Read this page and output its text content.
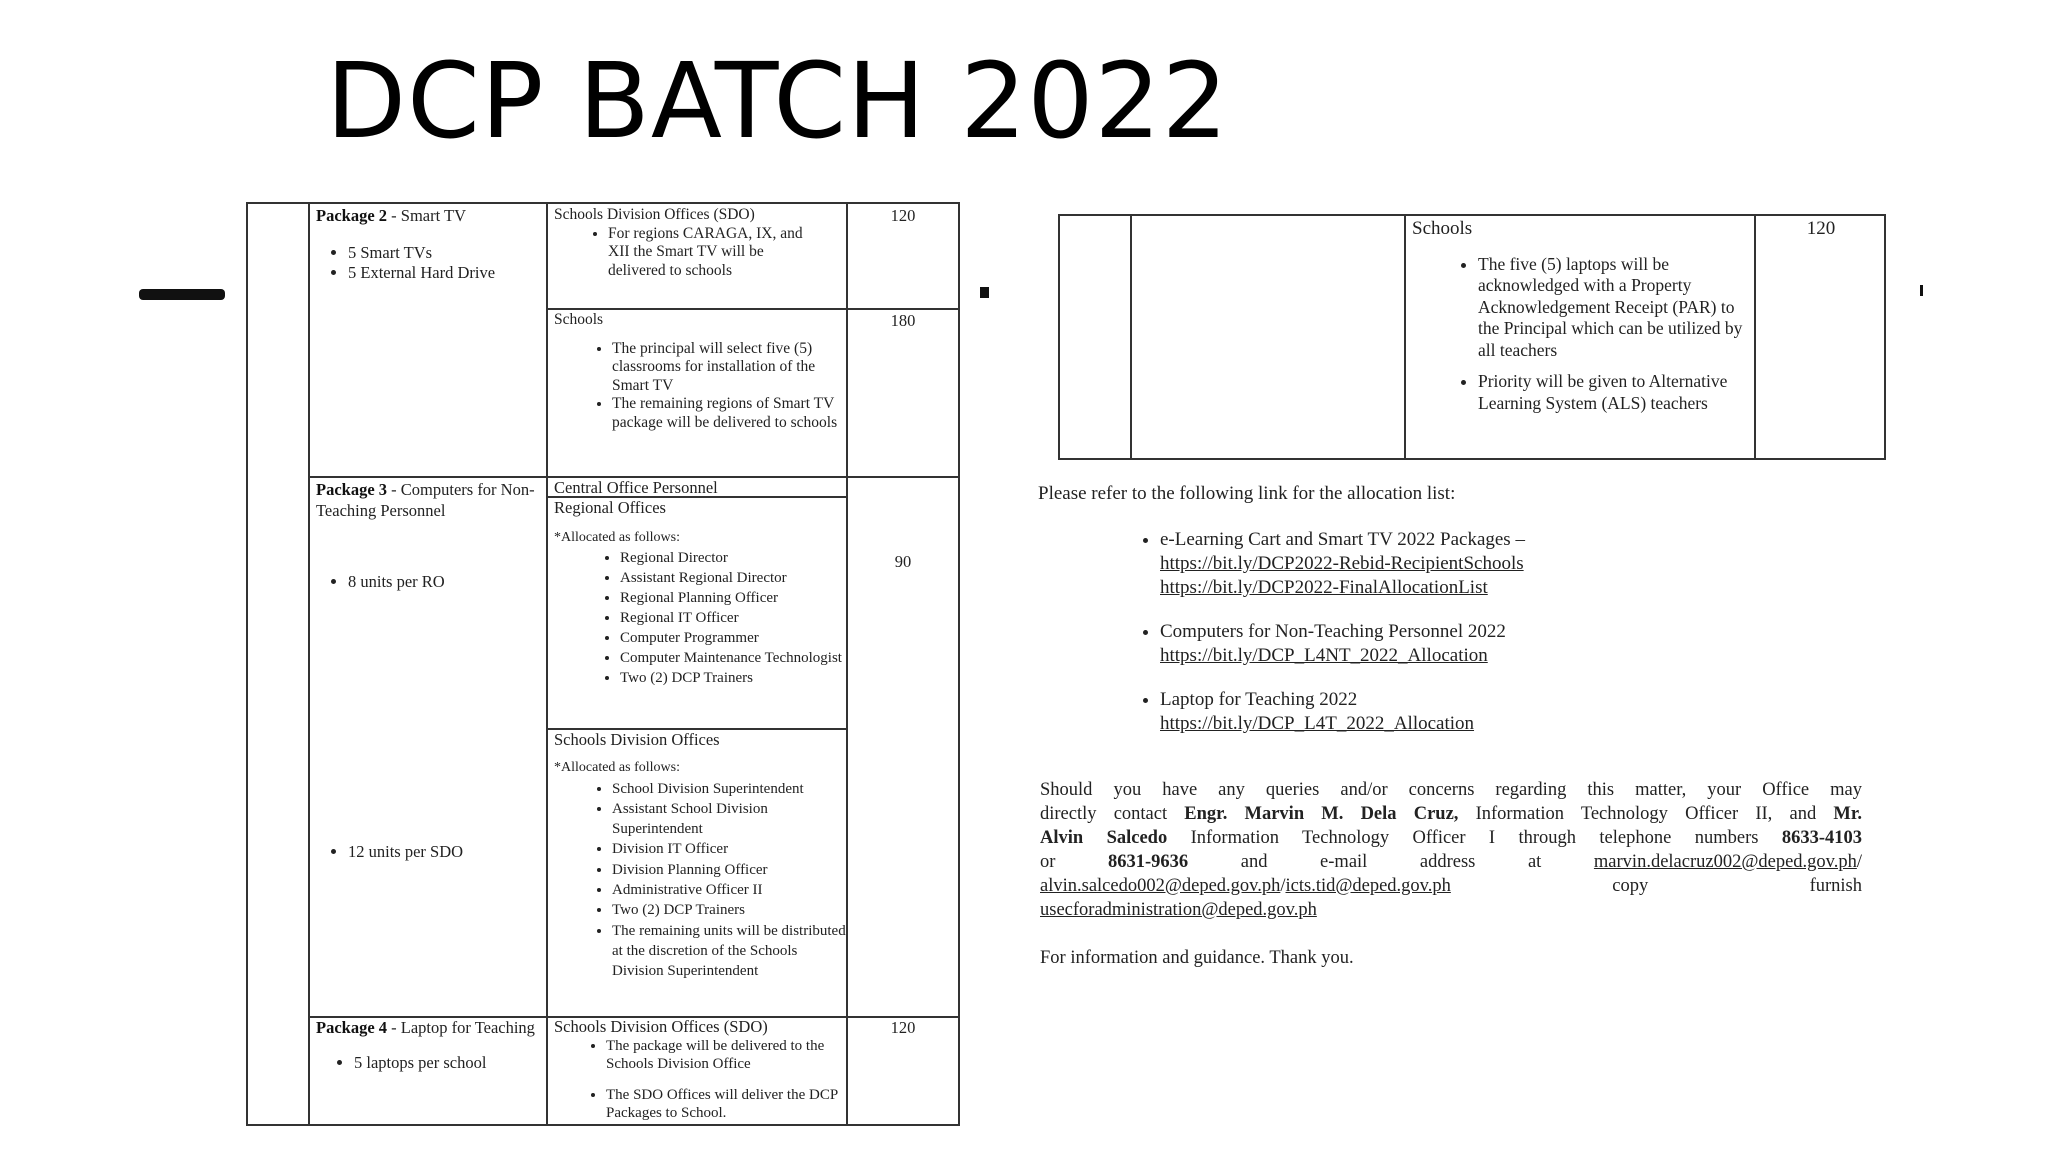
DCP BATCH 2022
Package 2 - Smart TV
• 5 Smart TVs
• 5 External Hard Drive
Schools Division Offices (SDO)
• For regions CARAGA, IX, and XII the Smart TV will be delivered to schools
120
Schools
• The principal will select five (5) classrooms for installation of the Smart TV
• The remaining regions of Smart TV package will be delivered to schools
180
Package 3 - Computers for Non-Teaching Personnel
• 8 units per RO
• 12 units per SDO
Central Office Personnel
Regional Offices
*Allocated as follows:
• Regional Director
• Assistant Regional Director
• Regional Planning Officer
• Regional IT Officer
• Computer Programmer
• Computer Maintenance Technologist
• Two (2) DCP Trainers
90
Schools Division Offices
*Allocated as follows:
• School Division Superintendent
• Assistant School Division Superintendent
• Division IT Officer
• Division Planning Officer
• Administrative Officer II
• Two (2) DCP Trainers
• The remaining units will be distributed at the discretion of the Schools Division Superintendent
Package 4 - Laptop for Teaching
• 5 laptops per school
Schools Division Offices (SDO)
• The package will be delivered to the Schools Division Office
• The SDO Offices will deliver the DCP Packages to School.
120
Schools
• The five (5) laptops will be acknowledged with a Property Acknowledgement Receipt (PAR) to the Principal which can be utilized by all teachers
• Priority will be given to Alternative Learning System (ALS) teachers
120
Please refer to the following link for the allocation list:
• e-Learning Cart and Smart TV 2022 Packages –
https://bit.ly/DCP2022-Rebid-RecipientSchools
https://bit.ly/DCP2022-FinalAllocationList
• Computers for Non-Teaching Personnel 2022
https://bit.ly/DCP_L4NT_2022_Allocation
• Laptop for Teaching 2022
https://bit.ly/DCP_L4T_2022_Allocation
Should you have any queries and/or concerns regarding this matter, your Office may
directly contact Engr. Marvin M. Dela Cruz, Information Technology Officer II, and Mr.
Alvin Salcedo Information Technology Officer I through telephone numbers 8633-4103
or 8631-9636 and e-mail address at marvin.delacruz002@deped.gov.ph/
alvin.salcedo002@deped.gov.ph/icts.tid@deped.gov.ph copy furnish
usecforadministration@deped.gov.ph
For information and guidance. Thank you.
